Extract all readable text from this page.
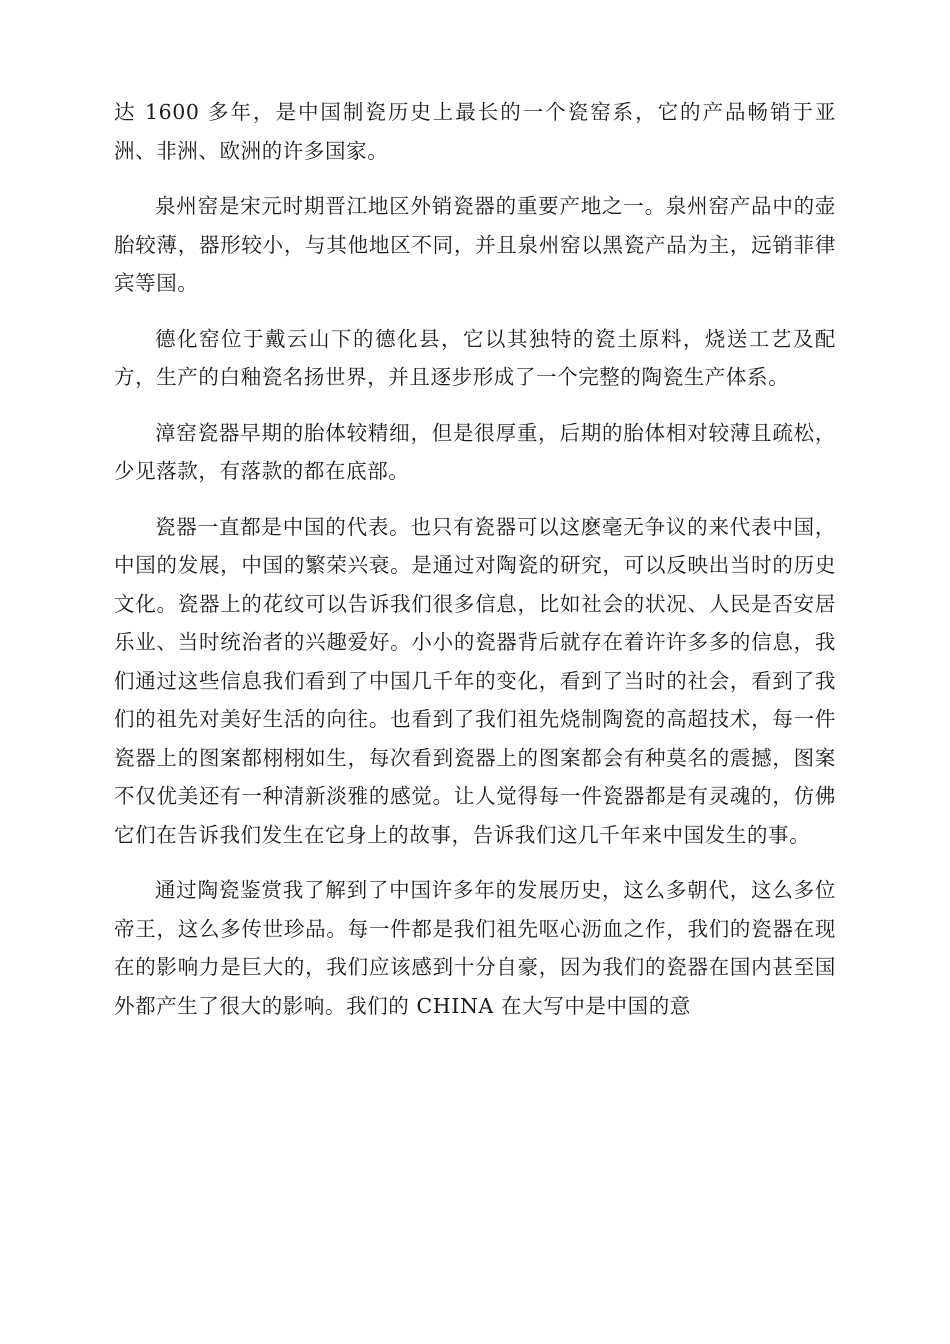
达 1600 多年，是中国制瓷历史上最长的一个瓷窑系，它的产品畅销于亚洲、非洲、欧洲的许多国家。

泉州窑是宋元时期晋江地区外销瓷器的重要产地之一。泉州窑产品中的壶胎较薄，器形较小，与其他地区不同，并且泉州窑以黑瓷产品为主，远销菲律宾等国。

德化窑位于戴云山下的德化县，它以其独特的瓷土原料，烧送工艺及配方，生产的白釉瓷名扬世界，并且逐步形成了一个完整的陶瓷生产体系。

漳窑瓷器早期的胎体较精细，但是很厚重，后期的胎体相对较薄且疏松，少见落款，有落款的都在底部。

瓷器一直都是中国的代表。也只有瓷器可以这麽毫无争议的来代表中国，中国的发展，中国的繁荣兴衰。是通过对陶瓷的研究，可以反映出当时的历史文化。瓷器上的花纹可以告诉我们很多信息，比如社会的状况、人民是否安居乐业、当时统治者的兴趣爱好。小小的瓷器背后就存在着许许多多的信息，我们通过这些信息我们看到了中国几千年的变化，看到了当时的社会，看到了我们的祖先对美好生活的向往。也看到了我们祖先烧制陶瓷的高超技术，每一件瓷器上的图案都栩栩如生，每次看到瓷器上的图案都会有种莫名的震撼，图案不仅优美还有一种清新淡雅的感觉。让人觉得每一件瓷器都是有灵魂的，仿佛它们在告诉我们发生在它身上的故事，告诉我们这几千年来中国发生的事。

通过陶瓷鉴赏我了解到了中国许多年的发展历史，这么多朝代，这么多位帝王，这么多传世珍品。每一件都是我们祖先呕心沥血之作，我们的瓷器在现在的影响力是巨大的，我们应该感到十分自豪，因为我们的瓷器在国内甚至国外都产生了很大的影响。我们的 CHINA 在大写中是中国的意
